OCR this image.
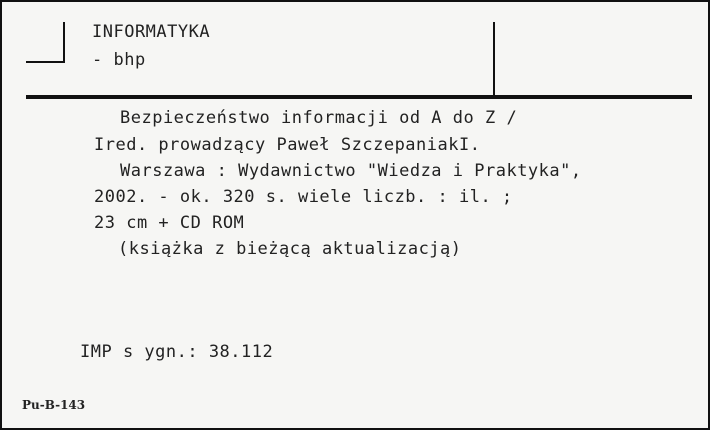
INFORMATYKA
- bhp
Bezpieczeństwo informacji od A do Z /
Ired. prowadzący Paweł SzczepaniakI.
Warszawa : Wydawnictwo "Wiedza i Praktyka",
2002. - ok. 320 s. wiele liczb. : il. ;
23 cm + CD ROM
(książka z bieżącą aktualizacją)
IMP s ygn.: 38.112
Pu-B-143
